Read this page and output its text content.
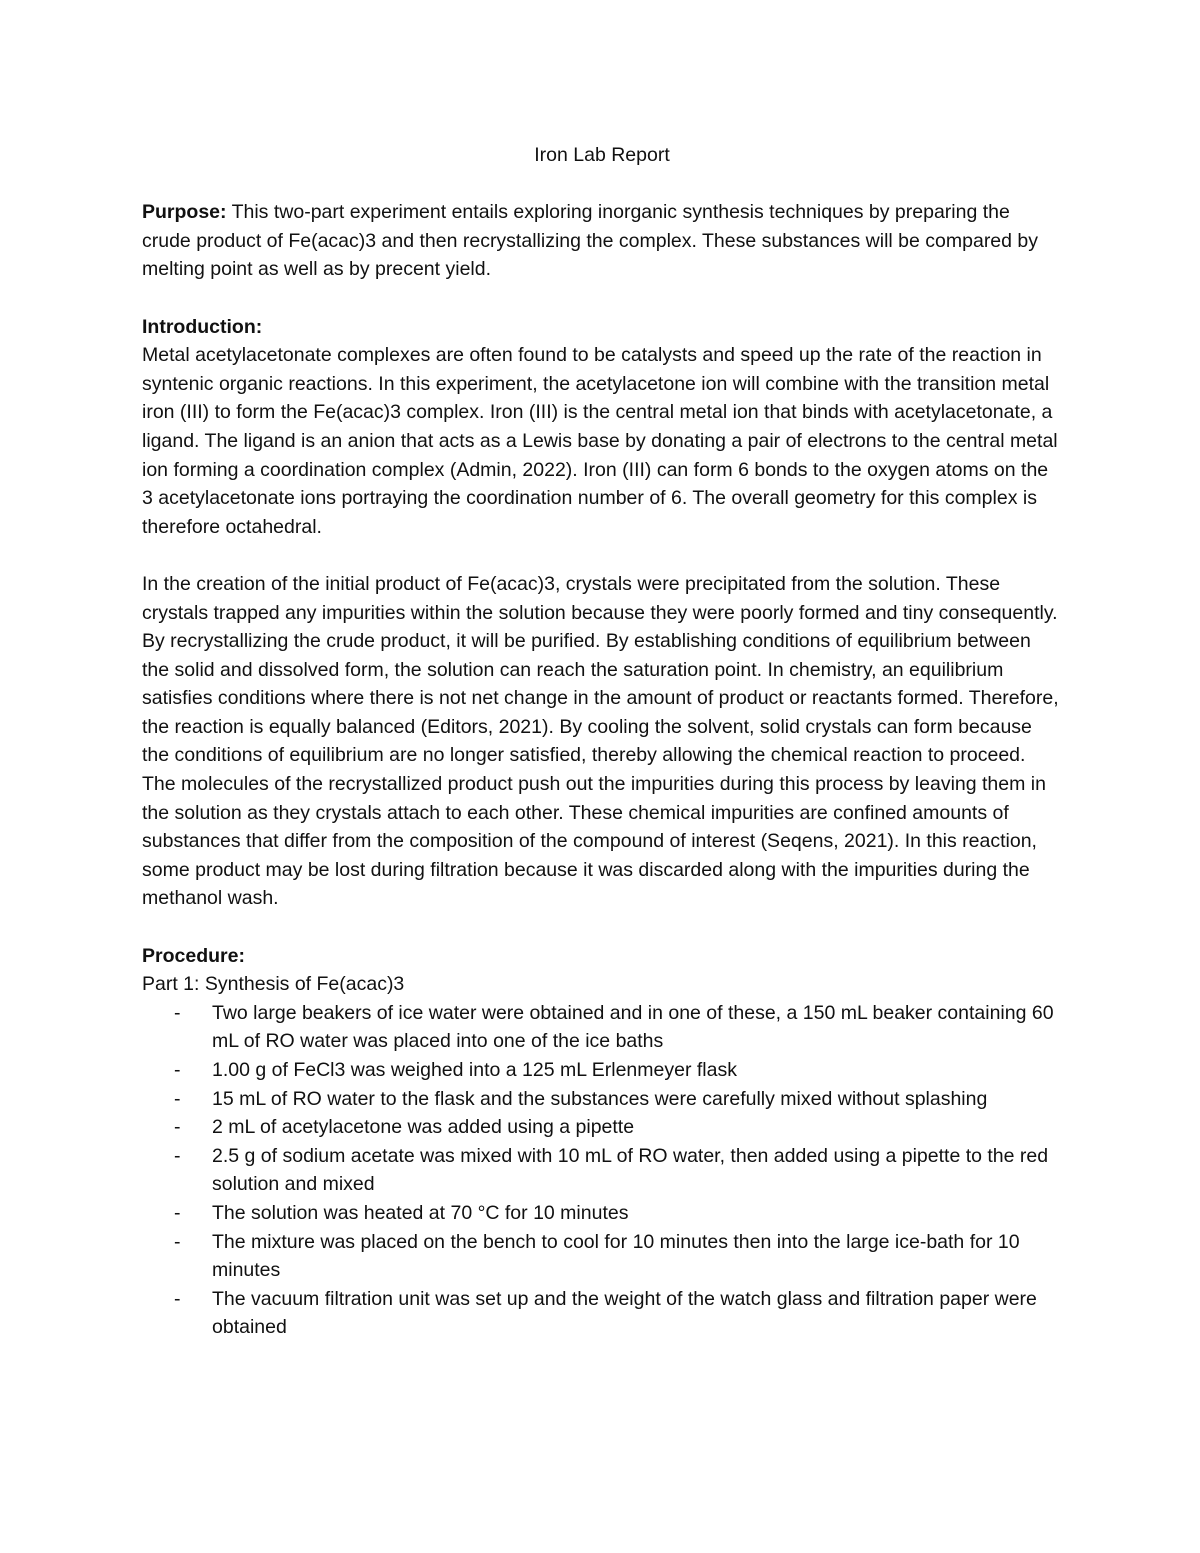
Iron Lab Report

Purpose: This two-part experiment entails exploring inorganic synthesis techniques by preparing the crude product of Fe(acac)3 and then recrystallizing the complex. These substances will be compared by melting point as well as by precent yield.

Introduction:

Metal acetylacetonate complexes are often found to be catalysts and speed up the rate of the reaction in syntenic organic reactions. In this experiment, the acetylacetone ion will combine with the transition metal iron (III) to form the Fe(acac)3 complex. Iron (III) is the central metal ion that binds with acetylacetonate, a ligand. The ligand is an anion that acts as a Lewis base by donating a pair of electrons to the central metal ion forming a coordination complex (Admin, 2022). Iron (III) can form 6 bonds to the oxygen atoms on the 3 acetylacetonate ions portraying the coordination number of 6. The overall geometry for this complex is therefore octahedral.

In the creation of the initial product of Fe(acac)3, crystals were precipitated from the solution. These crystals trapped any impurities within the solution because they were poorly formed and tiny consequently. By recrystallizing the crude product, it will be purified. By establishing conditions of equilibrium between the solid and dissolved form, the solution can reach the saturation point. In chemistry, an equilibrium satisfies conditions where there is not net change in the amount of product or reactants formed. Therefore, the reaction is equally balanced (Editors, 2021). By cooling the solvent, solid crystals can form because the conditions of equilibrium are no longer satisfied, thereby allowing the chemical reaction to proceed. The molecules of the recrystallized product push out the impurities during this process by leaving them in the solution as they crystals attach to each other. These chemical impurities are confined amounts of substances that differ from the composition of the compound of interest (Seqens, 2021). In this reaction, some product may be lost during filtration because it was discarded along with the impurities during the methanol wash.

Procedure:

Part 1: Synthesis of Fe(acac)3

- Two large beakers of ice water were obtained and in one of these, a 150 mL beaker containing 60 mL of RO water was placed into one of the ice baths
- 1.00 g of FeCl3 was weighed into a 125 mL Erlenmeyer flask
- 15 mL of RO water to the flask and the substances were carefully mixed without splashing
- 2 mL of acetylacetone was added using a pipette
- 2.5 g of sodium acetate was mixed with 10 mL of RO water, then added using a pipette to the red solution and mixed
- The solution was heated at 70 °C for 10 minutes
- The mixture was placed on the bench to cool for 10 minutes then into the large ice-bath for 10 minutes
- The vacuum filtration unit was set up and the weight of the watch glass and filtration paper were obtained
